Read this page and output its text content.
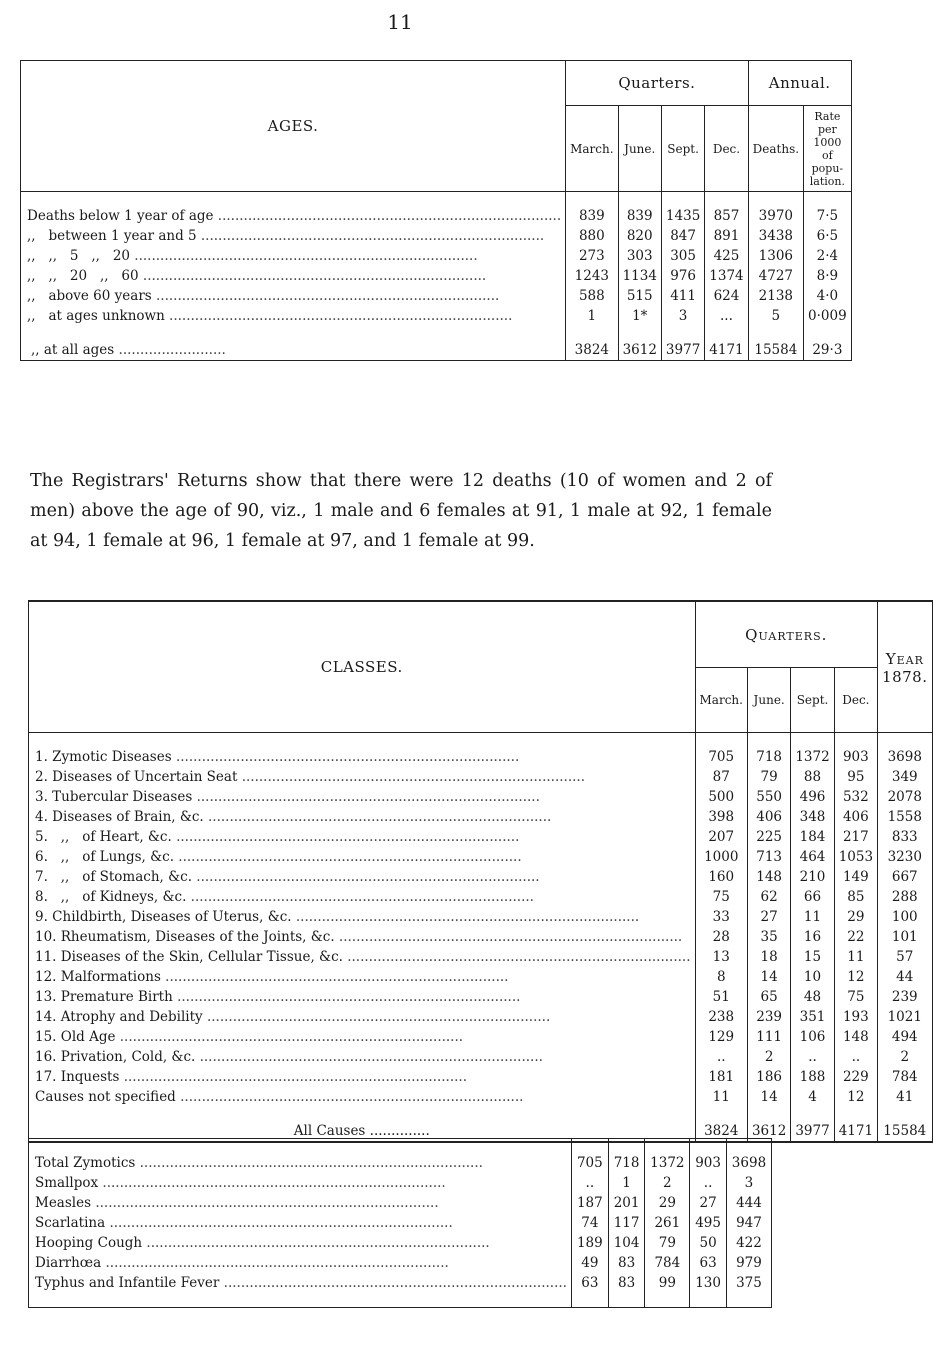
11
AGES.	Quarters.				Annual.	
	March.	June.	Sept.	Dec.	Deaths.	Rate per 1000 of popu-lation.

Deaths below 1 year of age ................................................................................	839	839	1435	857	3970	7·5
,,   between 1 year and 5 ................................................................................	880	820	847	891	3438	6·5
,,   ,,   5   ,,   20 ................................................................................	273	303	305	425	1306	2·4
,,   ,,   20   ,,   60 ................................................................................	1243	1134	976	1374	4727	8·9
,,   above 60 years ................................................................................	588	515	411	624	2138	4·0
,,   at ages unknown ................................................................................	1	1*	3	...	5	0·009

,, at all ages .........................	3824	3612	3977	4171	15584	29·3
The Registrars' Returns show that there were 12 deaths (10 of women and 2 of men) above the age of 90, viz., 1 male and 6 females at 91, 1 male at 92, 1 female at 94, 1 female at 96, 1 female at 97, and 1 female at 99.
CLASSES.	Quarters.				Year
	March.	June.	Sept.	Dec.	1878.

1. Zymotic Diseases ................................................................................	705	718	1372	903	3698
2. Diseases of Uncertain Seat ................................................................................	87	79	88	95	349
3. Tubercular Diseases ................................................................................	500	550	496	532	2078
4. Diseases of Brain, &c. ................................................................................	398	406	348	406	1558
5.   ,,   of Heart, &c. ................................................................................	207	225	184	217	833
6.   ,,   of Lungs, &c. ................................................................................	1000	713	464	1053	3230
7.   ,,   of Stomach, &c. ................................................................................	160	148	210	149	667
8.   ,,   of Kidneys, &c. ................................................................................	75	62	66	85	288
9. Childbirth, Diseases of Uterus, &c. ................................................................................	33	27	11	29	100
10. Rheumatism, Diseases of the Joints, &c. ................................................................................	28	35	16	22	101
11. Diseases of the Skin, Cellular Tissue, &c. ................................................................................	13	18	15	11	57
12. Malformations ................................................................................	8	14	10	12	44
13. Premature Birth ................................................................................	51	65	48	75	239
14. Atrophy and Debility ................................................................................	238	239	351	193	1021
15. Old Age ................................................................................	129	111	106	148	494
16. Privation, Cold, &c. ................................................................................	..	2	..	..	2
17. Inquests ................................................................................	181	186	188	229	784
Causes not specified ................................................................................	11	14	4	12	41

All Causes ..............	3824	3612	3977	4171	15584

Total Zymotics ................................................................................	705	718	1372	903	3698
Smallpox ................................................................................	..	1	2	..	3
Measles ................................................................................	187	201	29	27	444
Scarlatina ................................................................................	74	117	261	495	947
Hooping Cough ................................................................................	189	104	79	50	422
Diarrhœa ................................................................................	49	83	784	63	979
Typhus and Infantile Fever ................................................................................	63	83	99	130	375
